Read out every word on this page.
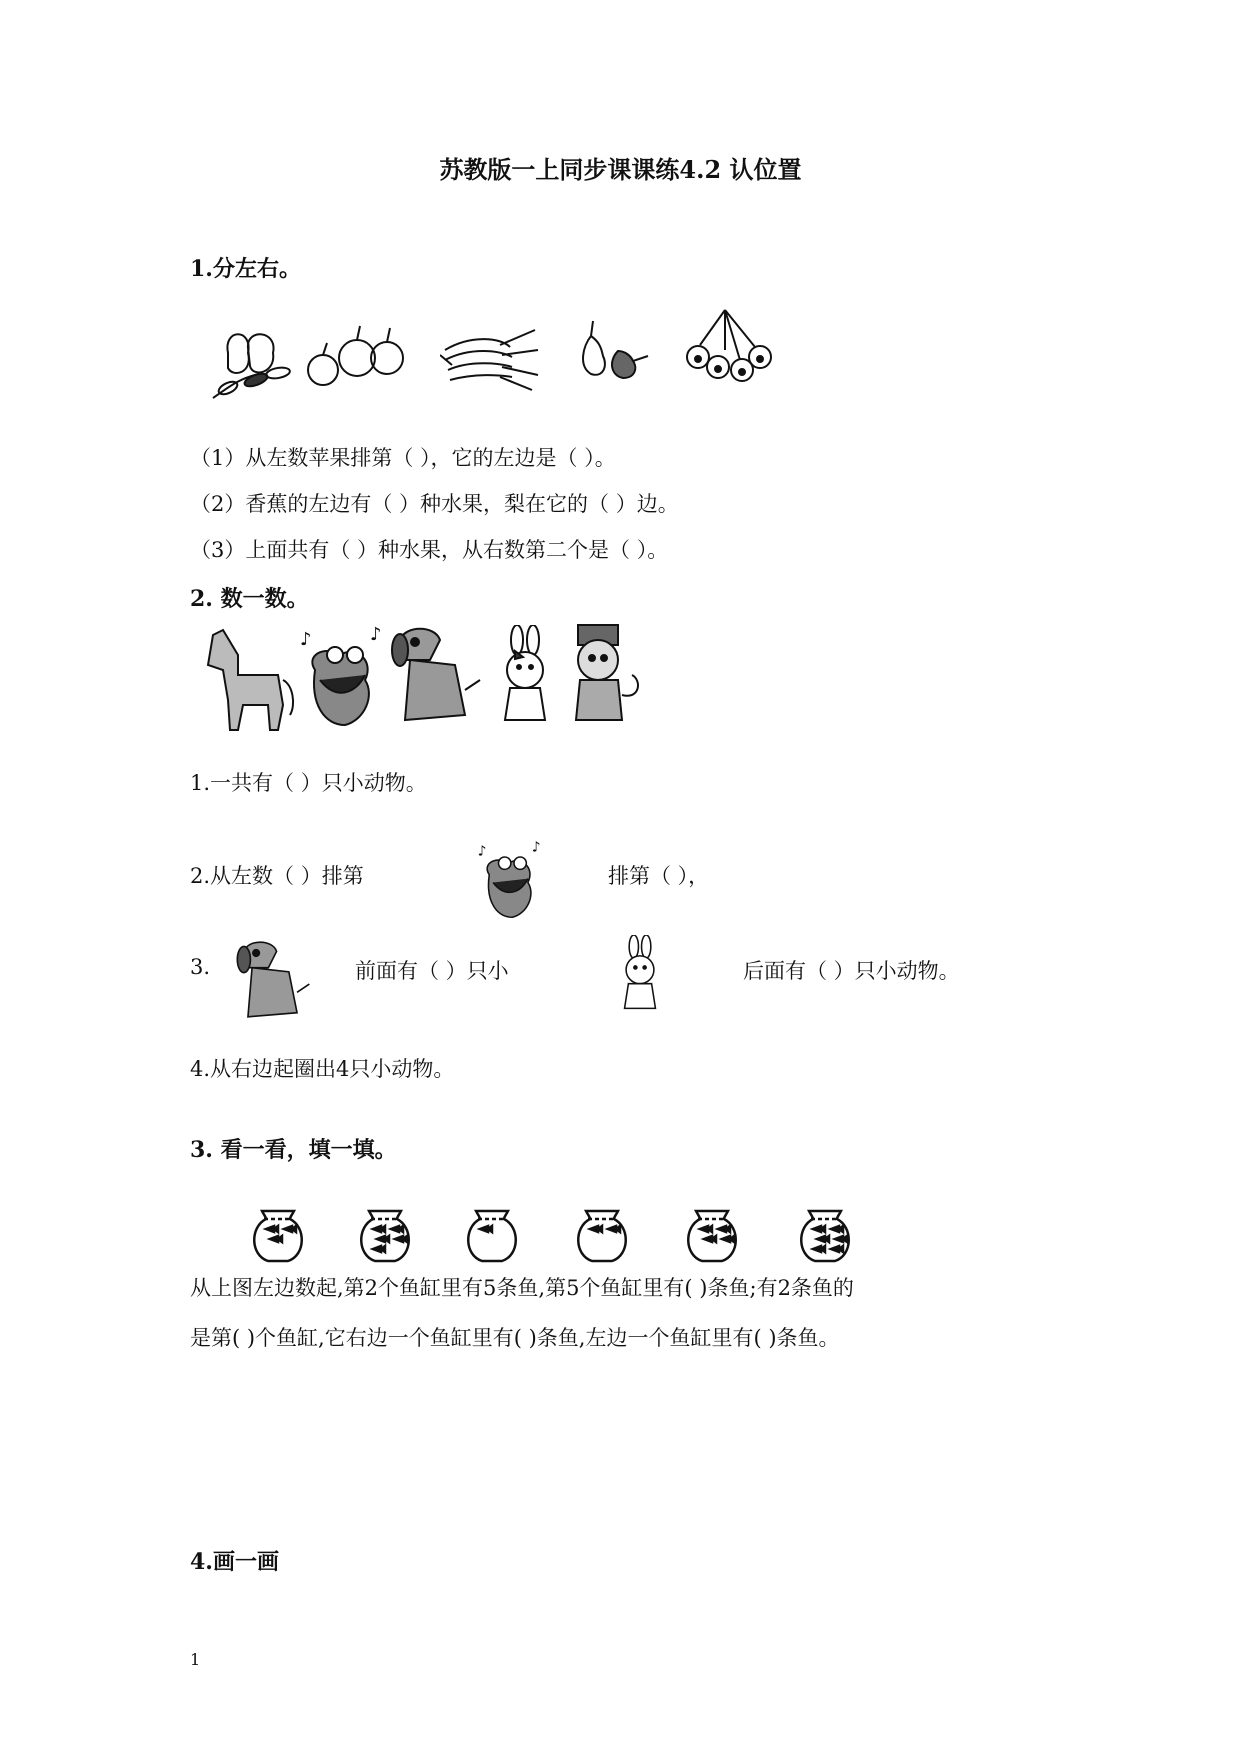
苏教版一上同步课课练4.2 认位置
1.分左右。
（1）从左数苹果排第（ ），它的左边是（ ）。
（2）香蕉的左边有（ ）种水果，梨在它的（ ）边。
（3）上面共有（ ）种水果，从右数第二个是（ ）。
2. 数一数。
♪	♪
1.一共有（ ）只小动物。
2.从左数（ ）排第
♪	♪
排第（ ），
3.	前面有（ ）只小	后面有（ ）只小动物。
4.从右边起圈出4只小动物。
3. 看一看，填一填。
从上图左边数起,第2个鱼缸里有5条鱼,第5个鱼缸里有( )条鱼;有2条鱼的
是第( )个鱼缸,它右边一个鱼缸里有( )条鱼,左边一个鱼缸里有( )条鱼。
4.画一画
1
